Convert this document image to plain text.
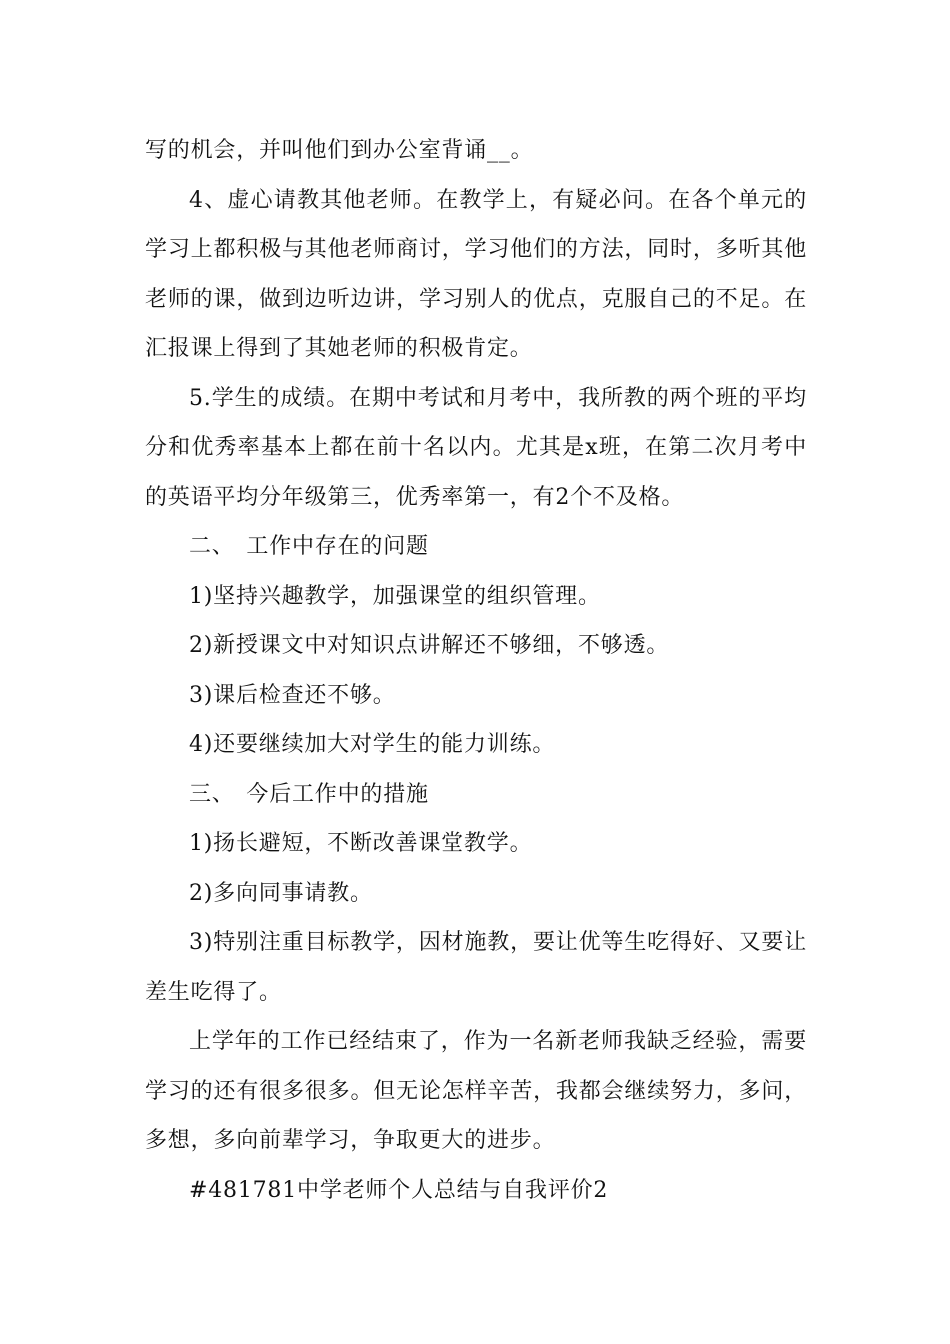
写的机会，并叫他们到办公室背诵__。

4、虚心请教其他老师。在教学上，有疑必问。在各个单元的学习上都积极与其他老师商讨，学习他们的方法，同时，多听其他老师的课，做到边听边讲，学习别人的优点，克服自己的不足。在汇报课上得到了其她老师的积极肯定。

5.学生的成绩。在期中考试和月考中，我所教的两个班的平均分和优秀率基本上都在前十名以内。尤其是x班，在第二次月考中的英语平均分年级第三，优秀率第一，有2个不及格。

二、　工作中存在的问题

1)坚持兴趣教学，加强课堂的组织管理。

2)新授课文中对知识点讲解还不够细，不够透。

3)课后检查还不够。

4)还要继续加大对学生的能力训练。

三、　今后工作中的措施

1)扬长避短，不断改善课堂教学。

2)多向同事请教。

3)特别注重目标教学，因材施教，要让优等生吃得好、又要让差生吃得了。

上学年的工作已经结束了，作为一名新老师我缺乏经验，需要学习的还有很多很多。但无论怎样辛苦，我都会继续努力，多问，多想，多向前辈学习，争取更大的进步。

#481781中学老师个人总结与自我评价2
